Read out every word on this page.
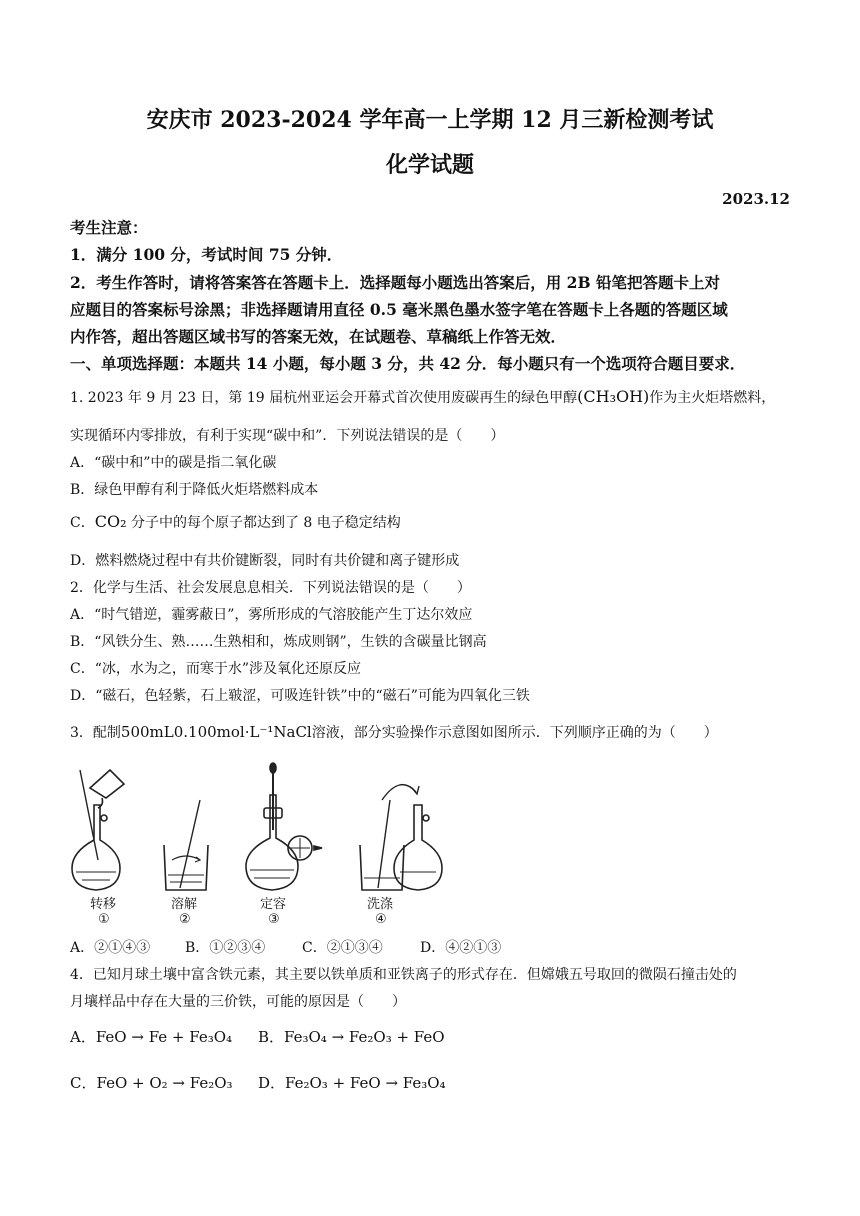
安庆市 2023-2024 学年高一上学期 12 月三新检测考试
化学试题
2023.12
考生注意：
1．满分 100 分，考试时间 75 分钟．
2．考生作答时，请将答案答在答题卡上．选择题每小题选出答案后，用 2B 铅笔把答题卡上对
应题目的答案标号涂黑；非选择题请用直径 0.5 毫米黑色墨水签字笔在答题卡上各题的答题区域
内作答，超出答题区域书写的答案无效，在试题卷、草稿纸上作答无效．
一、单项选择题：本题共 14 小题，每小题 3 分，共 42 分．每小题只有一个选项符合题目要求．
1. 2023 年 9 月 23 日，第 19 届杭州亚运会开幕式首次使用废碳再生的绿色甲醇(CH₃OH)作为主火炬塔燃料，
实现循环内零排放，有利于实现“碳中和”．下列说法错误的是（　　）
A．“碳中和”中的碳是指二氧化碳
B．绿色甲醇有利于降低火炬塔燃料成本
C．CO₂ 分子中的每个原子都达到了 8 电子稳定结构
D．燃料燃烧过程中有共价键断裂，同时有共价键和离子键形成
2．化学与生活、社会发展息息相关．下列说法错误的是（　　）
A．“时气错逆，霾雾蔽日”，雾所形成的气溶胶能产生丁达尔效应
B．“风铁分生、熟……生熟相和，炼成则钢”，生铁的含碳量比钢高
C．“冰，水为之，而寒于水”涉及氧化还原反应
D．“磁石，色轻紫，石上皲涩，可吸连针铁”中的“磁石”可能为四氧化三铁
3．配制500mL0.100mol·L⁻¹NaCl溶液，部分实验操作示意图如图所示．下列顺序正确的为（　　）
转移
①
溶解
②
定容
③
洗涤
④
A．②①④③ B．①②③④	C．②①③④	D．④②①③
4．已知月球土壤中富含铁元素，其主要以铁单质和亚铁离子的形式存在．但嫦娥五号取回的微陨石撞击处的
月壤样品中存在大量的三价铁，可能的原因是（　　）
A．FeO → Fe + Fe₃O₄ B．Fe₃O₄ → Fe₂O₃ + FeO
C．FeO + O₂ → Fe₂O₃ D．Fe₂O₃ + FeO → Fe₃O₄
